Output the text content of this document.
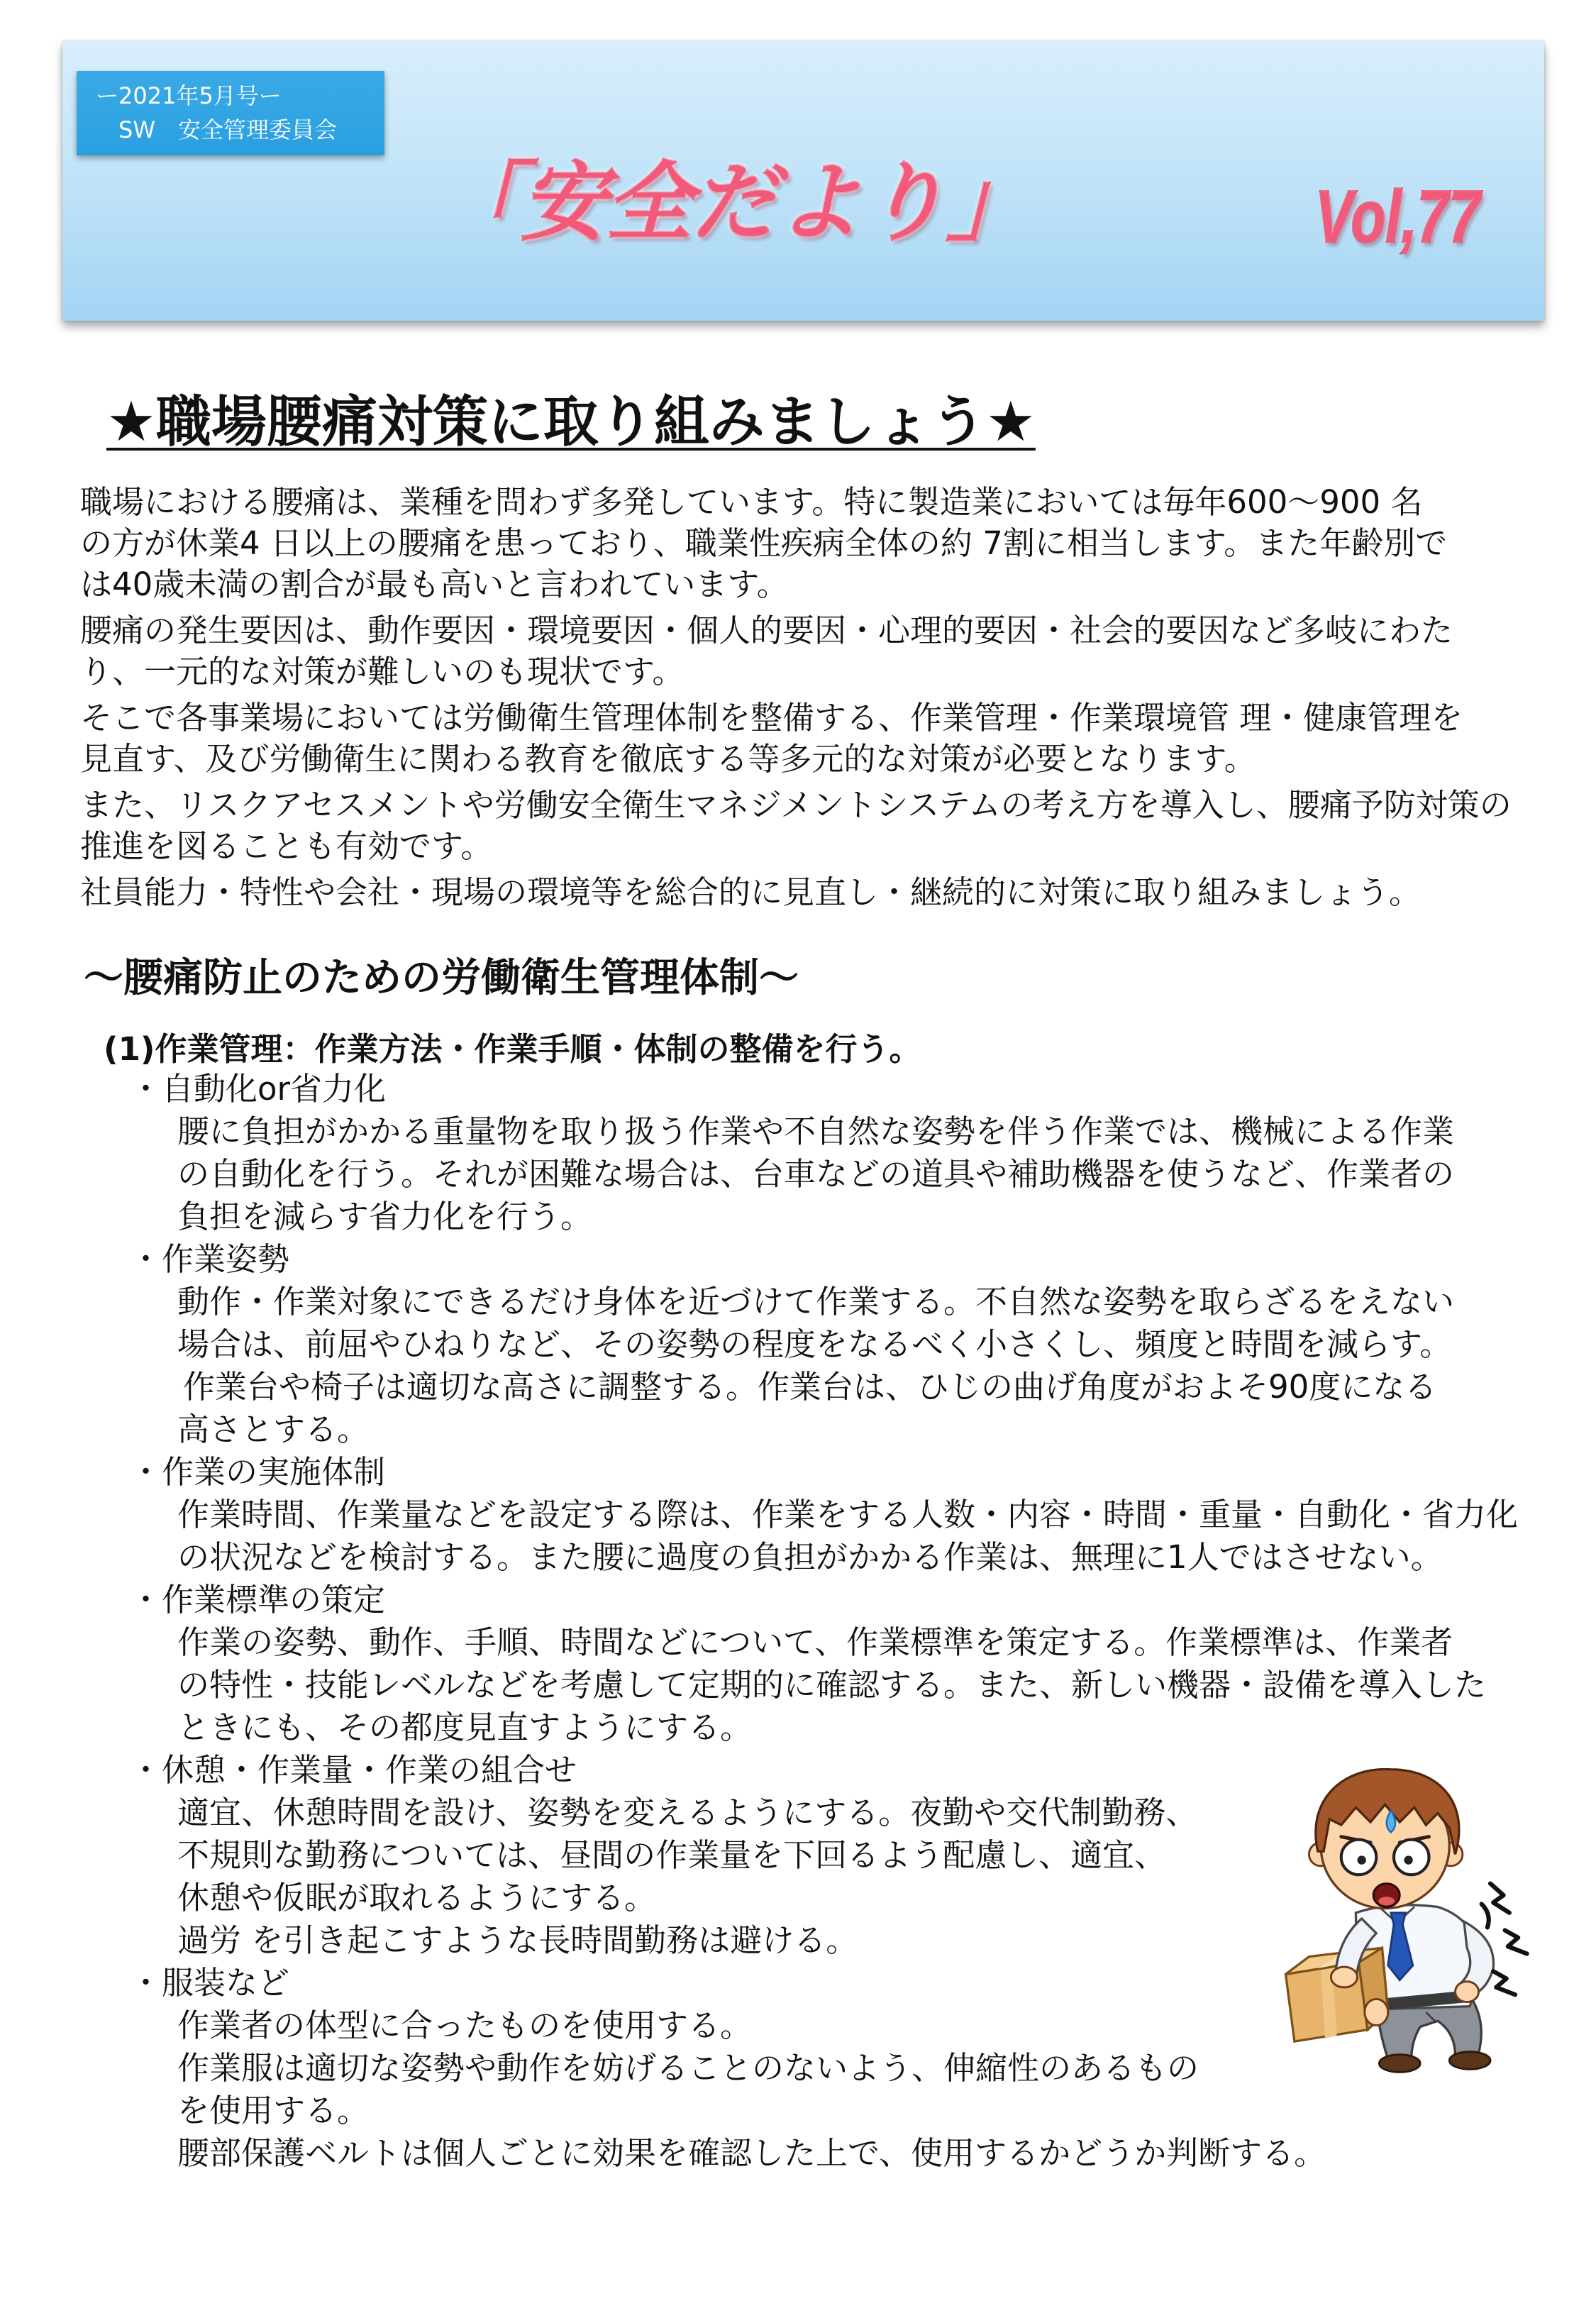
ー2021年5月号ー
SW　安全管理委員会
「安全だより」	Vol,77
★職場腰痛対策に取り組みましょう★
職場における腰痛は、業種を問わず多発しています。特に製造業においては毎年600～900 名
の方が休業4 日以上の腰痛を患っており、職業性疾病全体の約 7割に相当します。また年齢別で
は40歳未満の割合が最も高いと言われています。
腰痛の発生要因は、動作要因・環境要因・個人的要因・心理的要因・社会的要因など多岐にわた
り、一元的な対策が難しいのも現状です。
そこで各事業場においては労働衛生管理体制を整備する、作業管理・作業環境管 理・健康管理を
見直す、及び労働衛生に関わる教育を徹底する等多元的な対策が必要となります。
また、リスクアセスメントや労働安全衛生マネジメントシステムの考え方を導入し、腰痛予防対策の
推進を図ることも有効です。
社員能力・特性や会社・現場の環境等を総合的に見直し・継続的に対策に取り組みましょう。
～腰痛防止のための労働衛生管理体制～
(1)作業管理：作業方法・作業手順・体制の整備を行う。
・自動化or省力化
腰に負担がかかる重量物を取り扱う作業や不自然な姿勢を伴う作業では、機械による作業
の自動化を行う。それが困難な場合は、台車などの道具や補助機器を使うなど、作業者の
負担を減らす省力化を行う。
・作業姿勢
動作・作業対象にできるだけ身体を近づけて作業する。不自然な姿勢を取らざるをえない
場合は、前屈やひねりなど、その姿勢の程度をなるべく小さくし、頻度と時間を減らす。
作業台や椅子は適切な高さに調整する。作業台は、ひじの曲げ角度がおよそ90度になる
高さとする。
・作業の実施体制
作業時間、作業量などを設定する際は、作業をする人数・内容・時間・重量・自動化・省力化
の状況などを検討する。また腰に過度の負担がかかる作業は、無理に1人ではさせない。
・作業標準の策定
作業の姿勢、動作、手順、時間などについて、作業標準を策定する。作業標準は、作業者
の特性・技能レベルなどを考慮して定期的に確認する。また、新しい機器・設備を導入した
ときにも、その都度見直すようにする。
・休憩・作業量・作業の組合せ
適宜、休憩時間を設け、姿勢を変えるようにする。夜勤や交代制勤務、
不規則な勤務については、昼間の作業量を下回るよう配慮し、適宜、
休憩や仮眠が取れるようにする。
過労 を引き起こすような長時間勤務は避ける。
・服装など
作業者の体型に合ったものを使用する。
作業服は適切な姿勢や動作を妨げることのないよう、伸縮性のあるもの
を使用する。
腰部保護ベルトは個人ごとに効果を確認した上で、使用するかどうか判断する。
